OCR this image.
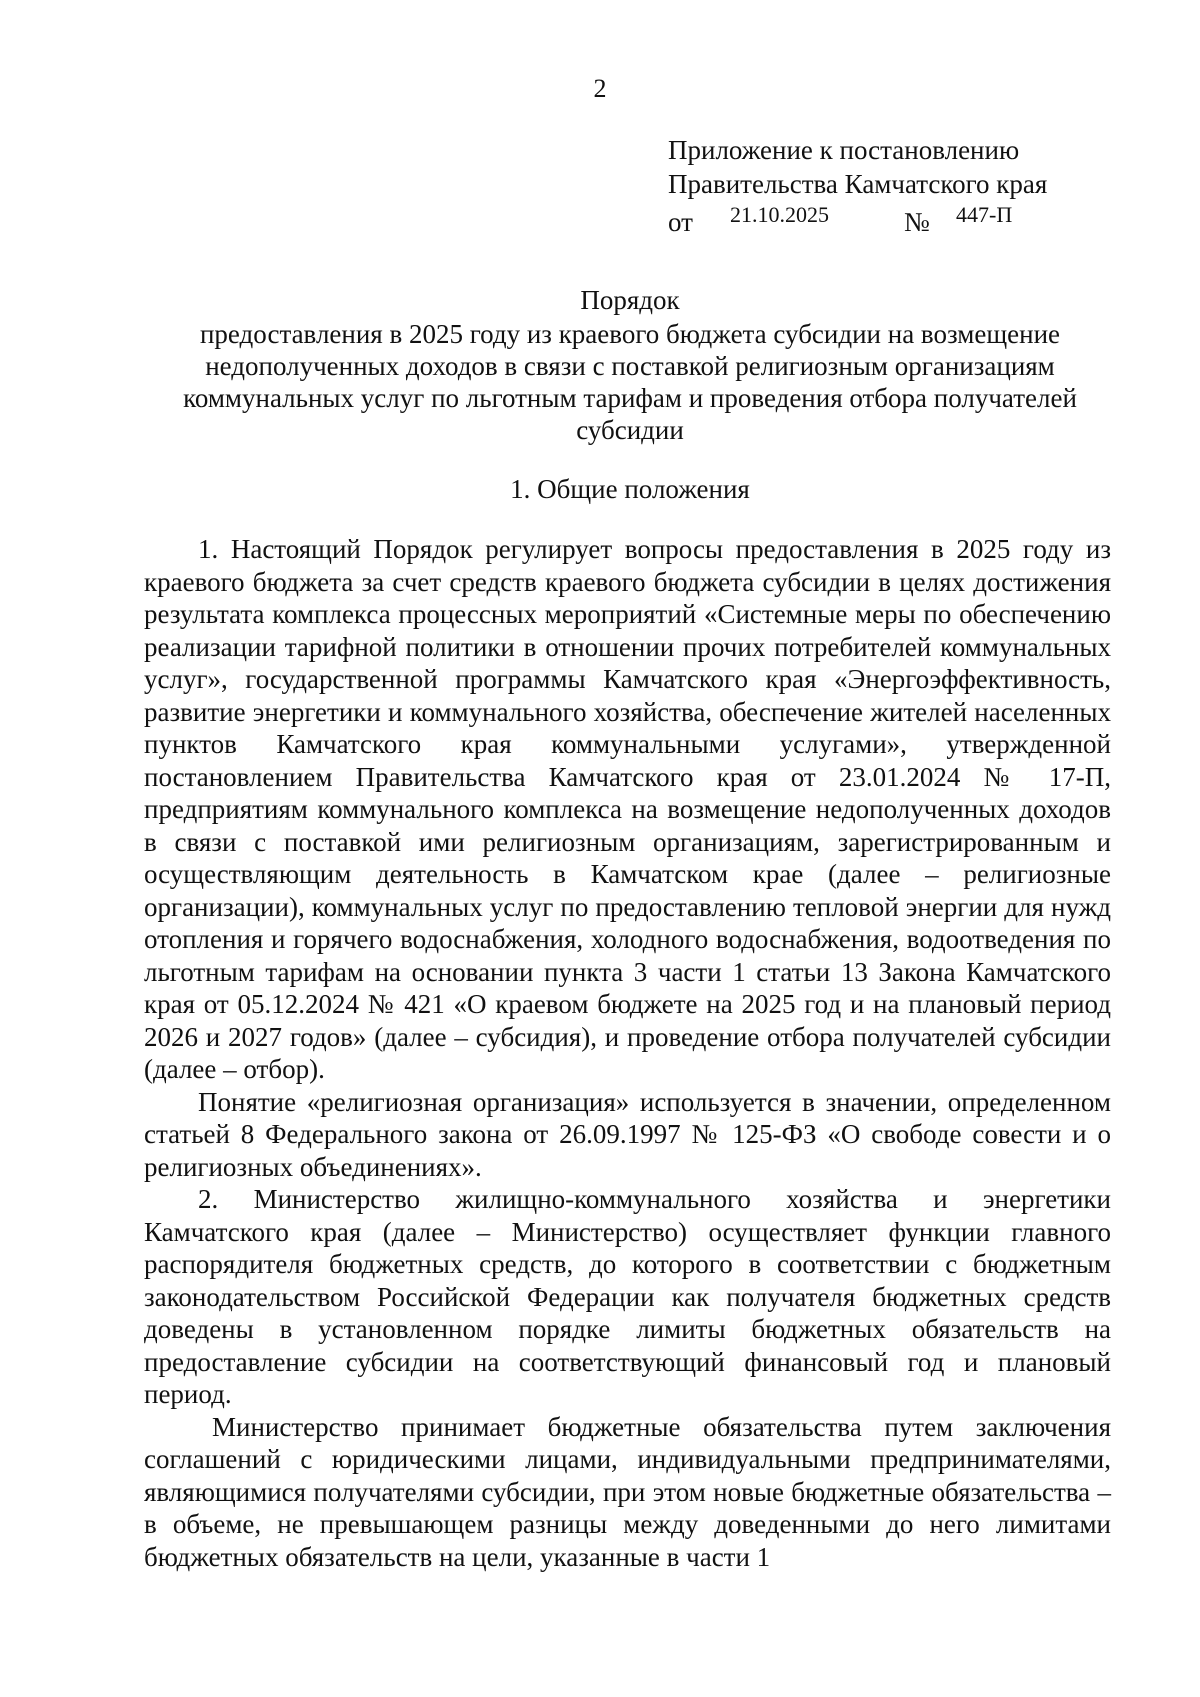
2
Приложение к постановлению
Правительства Камчатского края
от 21.10.2025	№ 447-П
Порядок
предоставления в 2025 году из краевого бюджета субсидии на возмещение недополученных доходов в связи с поставкой религиозным организациям коммунальных услуг по льготным тарифам и проведения отбора получателей субсидии
1. Общие положения

1. Настоящий Порядок регулирует вопросы предоставления в 2025 году из краевого бюджета за счет средств краевого бюджета субсидии в целях достижения результата комплекса процессных мероприятий «Системные меры по обеспечению реализации тарифной политики в отношении прочих потребителей коммунальных услуг», государственной программы Камчатского края «Энергоэффективность, развитие энергетики и коммунального хозяйства, обеспечение жителей населенных пунктов Камчатского края коммунальными услугами», утвержденной постановлением Правительства Камчатского края от 23.01.2024 № 17-П, предприятиям коммунального комплекса на возмещение недополученных доходов в связи с поставкой ими религиозным организациям, зарегистрированным и осуществляющим деятельность в Камчатском крае (далее – религиозные организации), коммунальных услуг по предоставлению тепловой энергии для нужд отопления и горячего водоснабжения, холодного водоснабжения, водоотведения по льготным тарифам на основании пункта 3 части 1 статьи 13 Закона Камчатского края от 05.12.2024 № 421 «О краевом бюджете на 2025 год и на плановый период 2026 и 2027 годов» (далее – субсидия), и проведение отбора получателей субсидии (далее – отбор).

Понятие «религиозная организация» используется в значении, определенном статьей 8 Федерального закона от 26.09.1997 № 125-ФЗ «О свободе совести и о религиозных объединениях».

2. Министерство жилищно-коммунального хозяйства и энергетики Камчатского края (далее – Министерство) осуществляет функции главного распорядителя бюджетных средств, до которого в соответствии с бюджетным законодательством Российской Федерации как получателя бюджетных средств доведены в установленном порядке лимиты бюджетных обязательств на предоставление субсидии на соответствующий финансовый год и плановый период.

Министерство принимает бюджетные обязательства путем заключения соглашений с юридическими лицами, индивидуальными предпринимателями, являющимися получателями субсидии, при этом новые бюджетные обязательства – в объеме, не превышающем разницы между доведенными до него лимитами бюджетных обязательств на цели, указанные в части 1
